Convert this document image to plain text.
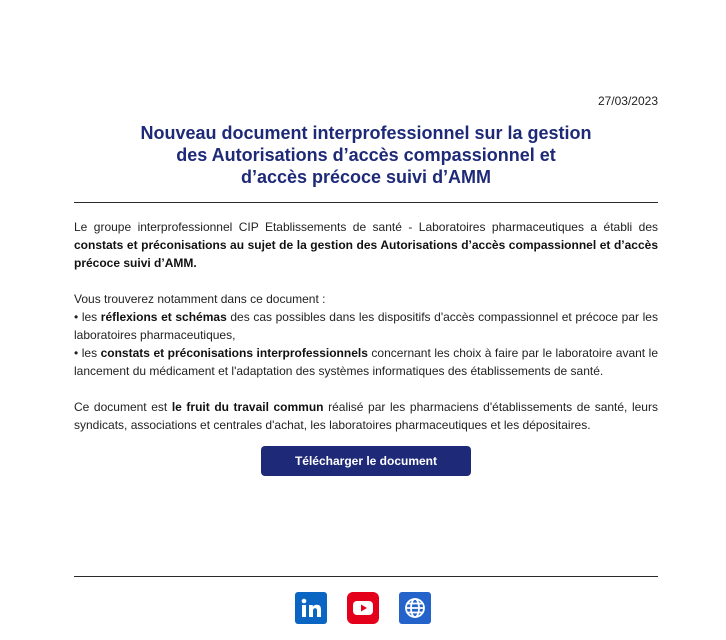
27/03/2023
Nouveau document interprofessionnel sur la gestion
des Autorisations d’accès compassionnel et
d’accès précoce suivi d’AMM

Le groupe interprofessionnel CIP Etablissements de santé - Laboratoires pharmaceutiques a établi des constats et préconisations au sujet de la gestion des Autorisations d’accès compassionnel et d’accès précoce suivi d’AMM.

Vous trouverez notamment dans ce document :

• les réflexions et schémas des cas possibles dans les dispositifs d'accès compassionnel et précoce par les laboratoires pharmaceutiques,

• les constats et préconisations interprofessionnels concernant les choix à faire par le laboratoire avant le lancement du médicament et l'adaptation des systèmes informatiques des établissements de santé.

Ce document est le fruit du travail commun réalisé par les pharmaciens d'établissements de santé, leurs syndicats, associations et centrales d'achat, les laboratoires pharmaceutiques et les dépositaires.

Télécharger le document
